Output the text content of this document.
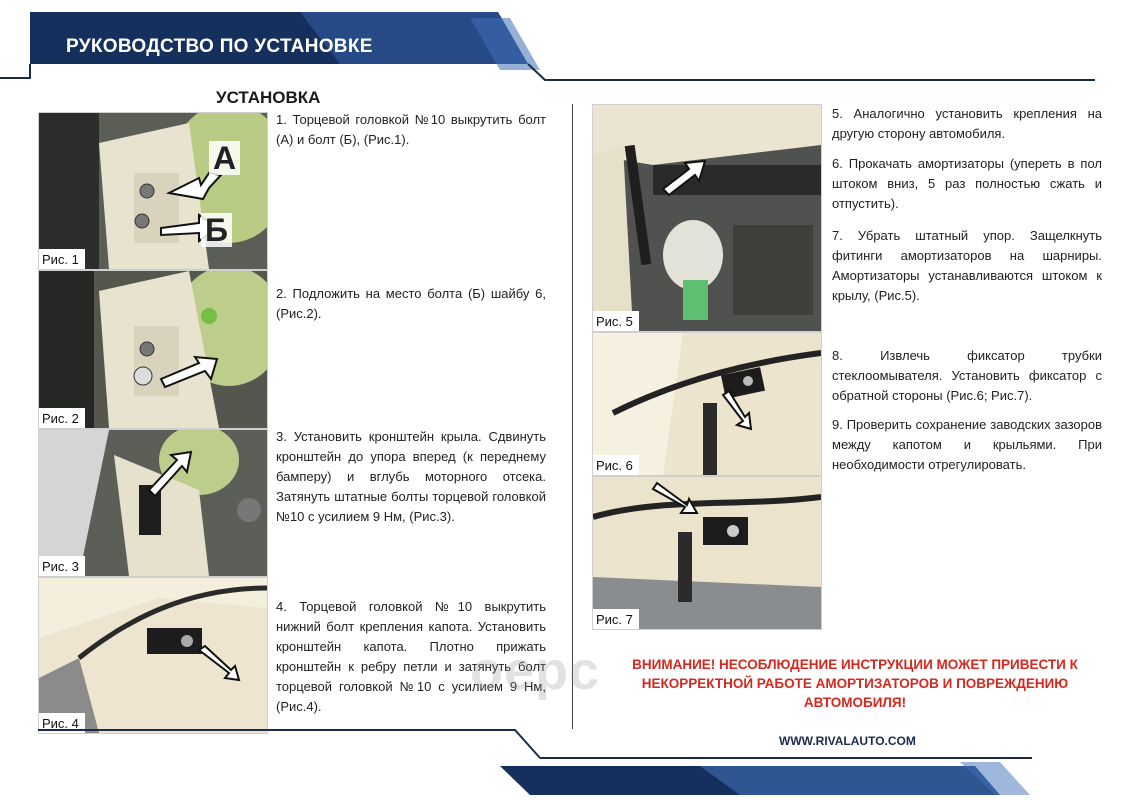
РУКОВОДСТВО ПО УСТАНОВКЕ
УСТАНОВКА
А
Б
Рис. 1
Рис. 2
Рис. 3
Рис. 4
1. Торцевой головкой №10 выкрутить болт (А) и болт (Б), (Рис.1).
2. Подложить на место болта (Б) шайбу 6, (Рис.2).
3. Установить кронштейн крыла. Сдвинуть кронштейн до упора вперед (к переднему бамперу) и вглубь моторного отсека. Затянуть штатные болты торцевой головкой №10 с усилием 9 Нм, (Рис.3).
4. Торцевой головкой №10 выкрутить нижний болт крепления капота. Установить кронштейн капота. Плотно прижать кронштейн к ребру петли и затянуть болт торцевой головкой №10 с усилием 9 Нм, (Рис.4).
Рис. 5
Рис. 6
Рис. 7
5. Аналогично установить крепления на другую сторону автомобиля.
6. Прокачать амортизаторы (упереть в пол штоком вниз, 5 раз полностью сжать и отпустить).
7. Убрать штатный упор. Защелкнуть фитинги амортизаторов на шарниры. Амортизаторы устанавливаются штоком к крылу, (Рис.5).
8. Извлечь фиксатор трубки стеклоомывателя. Установить фиксатор с обратной стороны (Рис.6; Рис.7).
9. Проверить сохранение заводских зазоров между капотом и крыльями. При необходимости отрегулировать.
оерс	ВНИМАНИЕ! НЕСОБЛЮДЕНИЕ ИНСТРУКЦИИ МОЖЕТ ПРИВЕСТИ К НЕКОРРЕКТНОЙ РАБОТЕ АМОРТИЗАТОРОВ И ПОВРЕЖДЕНИЮ АВТОМОБИЛЯ!
WWW.RIVALAUTO.COM
